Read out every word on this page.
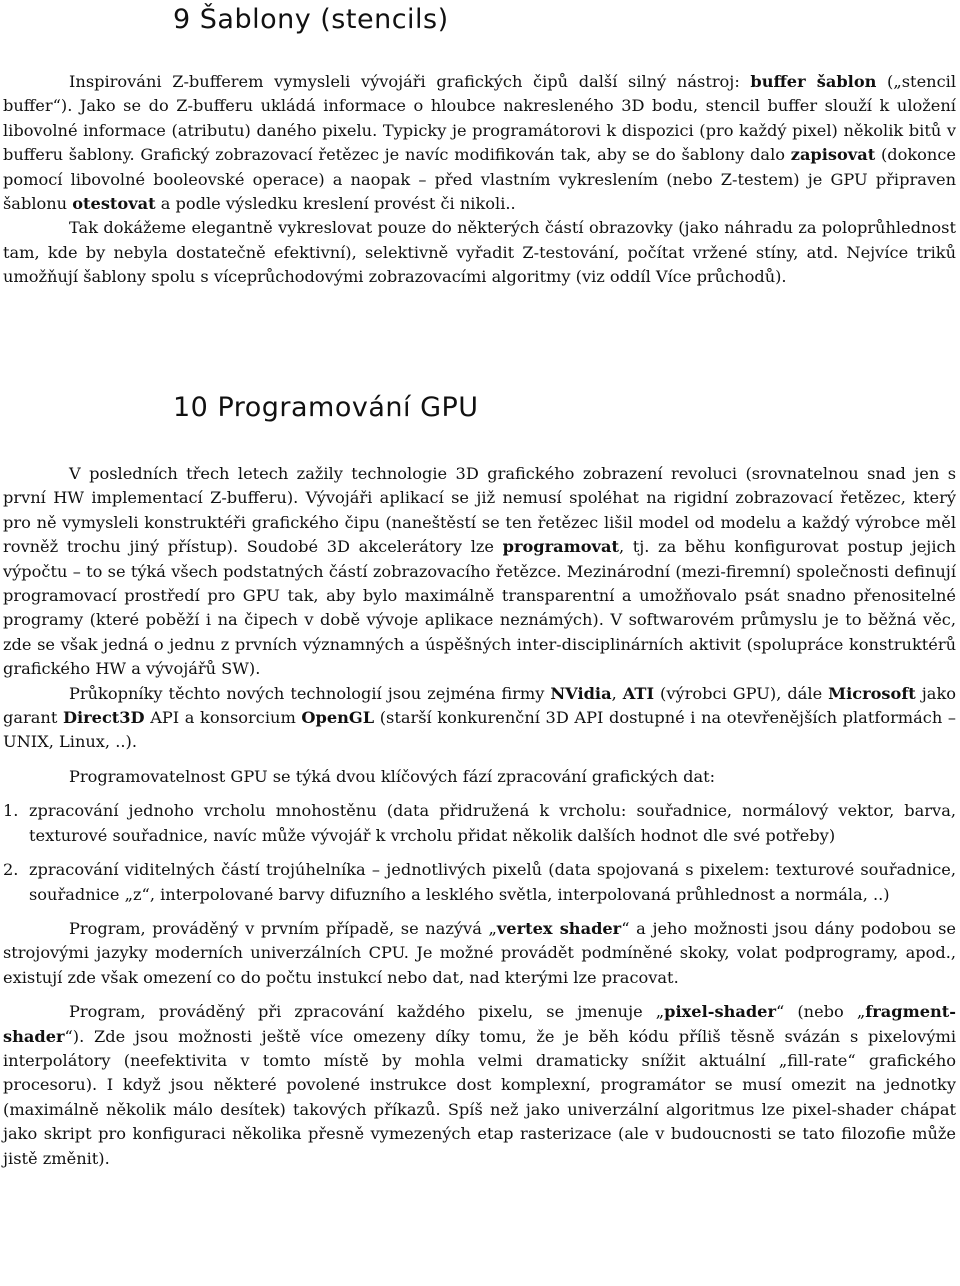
9 Šablony (stencils)

Inspirováni Z-bufferem vymysleli vývojáři grafických čipů další silný nástroj: buffer šablon („stencil buffer“). Jako se do Z-bufferu ukládá informace o hloubce nakresleného 3D bodu, stencil buffer slouží k uložení libovolné informace (atributu) daného pixelu. Typicky je programátorovi k dispozici (pro každý pixel) několik bitů v bufferu šablony. Grafický zobrazovací řetězec je navíc modifikován tak, aby se do šablony dalo zapisovat (dokonce pomocí libovolné booleovské operace) a naopak – před vlastním vykreslením (nebo Z-testem) je GPU připraven šablonu otestovat a podle výsledku kreslení provést či nikoli..

Tak dokážeme elegantně vykreslovat pouze do některých částí obrazovky (jako náhradu za poloprůhlednost tam, kde by nebyla dostatečně efektivní), selektivně vyřadit Z-testování, počítat vržené stíny, atd. Nejvíce triků umožňují šablony spolu s víceprůchodovými zobrazovacími algoritmy (viz oddíl Více průchodů).

10 Programování GPU

V posledních třech letech zažily technologie 3D grafického zobrazení revoluci (srovnatelnou snad jen s první HW implementací Z-bufferu). Vývojáři aplikací se již nemusí spoléhat na rigidní zobrazovací řetězec, který pro ně vymysleli konstruktéři grafického čipu (naneštěstí se ten řetězec lišil model od modelu a každý výrobce měl rovněž trochu jiný přístup). Soudobé 3D akcelerátory lze programovat, tj. za běhu konfigurovat postup jejich výpočtu – to se týká všech podstatných částí zobrazovacího řetězce. Mezinárodní (mezi-firemní) společnosti definují programovací prostředí pro GPU tak, aby bylo maximálně transparentní a umožňovalo psát snadno přenositelné programy (které poběží i na čipech v době vývoje aplikace neznámých). V softwarovém průmyslu je to běžná věc, zde se však jedná o jednu z prvních významných a úspěšných inter-disciplinárních aktivit (spolupráce konstruktérů grafického HW a vývojářů SW).

Průkopníky těchto nových technologií jsou zejména firmy NVidia, ATI (výrobci GPU), dále Microsoft jako garant Direct3D API a konsorcium OpenGL (starší konkurenční 3D API dostupné i na otevřenějších platformách – UNIX, Linux, ..).

Programovatelnost GPU se týká dvou klíčových fází zpracování grafických dat:

1. zpracování jednoho vrcholu mnohostěnu (data přidružená k vrcholu: souřadnice, normálový vektor, barva, texturové souřadnice, navíc může vývojář k vrcholu přidat několik dalších hodnot dle své potřeby)
2. zpracování viditelných částí trojúhelníka – jednotlivých pixelů (data spojovaná s pixelem: texturové souřadnice, souřadnice „z“, interpolované barvy difuzního a lesklého světla, interpolovaná průhlednost a normála, ..)

Program, prováděný v prvním případě, se nazývá „vertex shader“ a jeho možnosti jsou dány podobou se strojovými jazyky moderních univerzálních CPU. Je možné provádět podmíněné skoky, volat podprogramy, apod., existují zde však omezení co do počtu instukcí nebo dat, nad kterými lze pracovat.

Program, prováděný při zpracování každého pixelu, se jmenuje „pixel-shader“ (nebo „fragment-shader“). Zde jsou možnosti ještě více omezeny díky tomu, že je běh kódu příliš těsně svázán s pixelovými interpolátory (neefektivita v tomto místě by mohla velmi dramaticky snížit aktuální „fill-rate“ grafického procesoru). I když jsou některé povolené instrukce dost komplexní, programátor se musí omezit na jednotky (maximálně několik málo desítek) takových příkazů. Spíš než jako univerzální algoritmus lze pixel-shader chápat jako skript pro konfiguraci několika přesně vymezených etap rasterizace (ale v budoucnosti se tato filozofie může jistě změnit).
